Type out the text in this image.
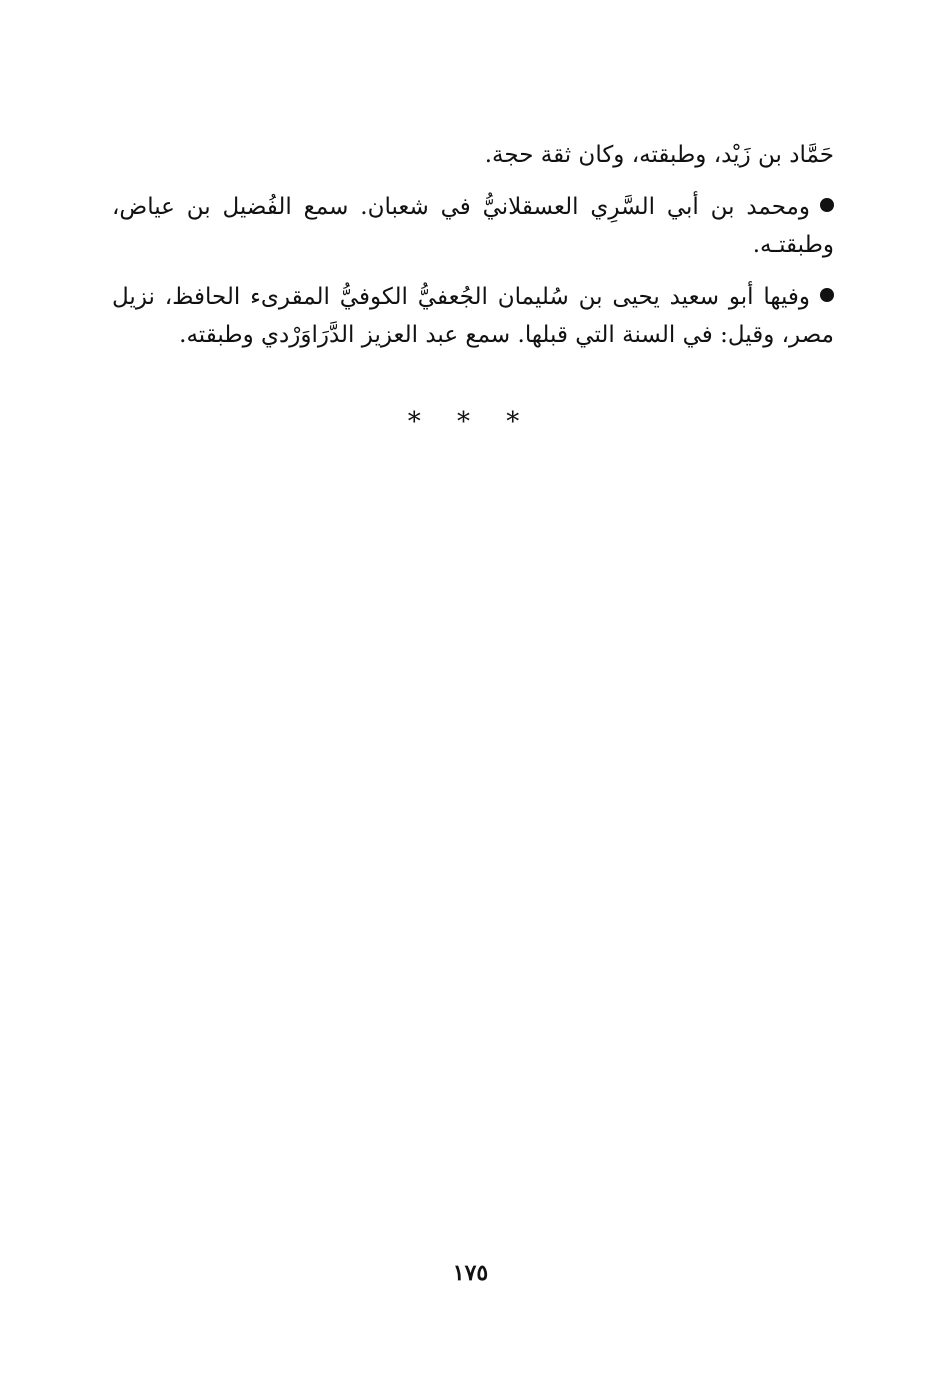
حَمَّاد بن زَيْد، وطبقته، وكان ثقة حجة.

ومحمد بن أبي السَّرِي العسقلانيُّ في شعبان. سمع الفُضيل بن عياض، وطبقتـه.

وفيها أبو سعيد يحيى بن سُليمان الجُعفيُّ الكوفيُّ المقرىء الحافظ، نزيل مصر، وقيل: في السنة التي قبلها. سمع عبد العزيز الدَّرَاوَرْدي وطبقته.

* * *
١٧٥
